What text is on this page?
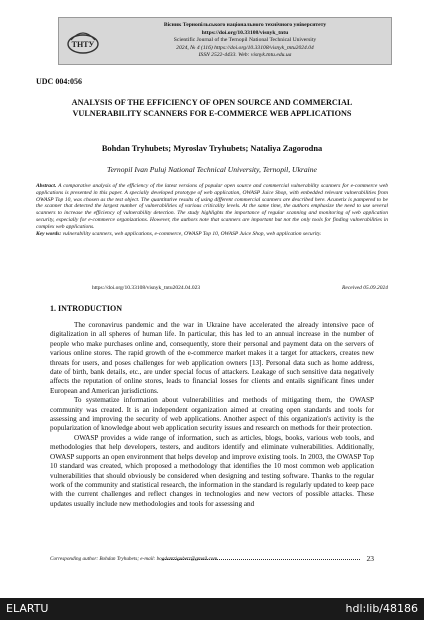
ТНТУ
Вісник Тернопільського національного технічного університету
https://doi.org/10.33108/visnyk_tntu
Scientific Journal of the Ternopil National Technical University
2024, № 4 (116) https://doi.org/10.33108/visnyk_tntu2024.04
ISSN 2522-4433. Web: visnyk.tntu.edu.ua
UDC 004:056
ANALYSIS OF THE EFFICIENCY OF OPEN SOURCE AND COMMERCIAL VULNERABILITY SCANNERS FOR E-COMMERCE WEB APPLICATIONS
Bohdan Tryhubets; Myroslav Tryhubets; Nataliya Zagorodna
Ternopil Ivan Puluj National Technical University, Ternopil, Ukraine
Abstract. A comparative analysis of the efficiency of the latest versions of popular open source and commercial vulnerability scanners for e-commerce web applications is presented in this paper. A specially developed prototype of web application, OWASP Juice Shop, with embedded relevant vulnerabilities from OWASP Top 10, was chosen as the test object. The quantitative results of using different commercial scanners are described here. Acunetix is pampered to be the scanner that detected the largest number of vulnerabilities of various criticality levels. At the same time, the authors emphasize the need to use several scanners to increase the efficiency of vulnerability detection. The study highlights the importance of regular scanning and monitoring of web application security, especially for e-commerce organizations. However, the authors note that scanners are important but not the only tools for finding vulnerabilities in complex web applications.
Key words: vulnerability scanners, web applications, e-commerce, OWASP Top 10, OWASP Juice Shop, web application security.
https://doi.org/10.33108/visnyk_tntu2024.04.023	Received 05.09.2024
1. INTRODUCTION

The coronavirus pandemic and the war in Ukraine have accelerated the already intensive pace of digitalization in all spheres of human life. In particular, this has led to an annual increase in the number of people who make purchases online and, consequently, store their personal and payment data on the servers of various online stores. The rapid growth of the e-commerce market makes it a target for attackers, creates new threats for users, and poses challenges for web application owners [13]. Personal data such as home address, date of birth, bank details, etc., are under special focus of attackers. Leakage of such sensitive data negatively affects the reputation of online stores, leads to financial losses for clients and entails significant fines under European and American jurisdictions.

To systematize information about vulnerabilities and methods of mitigating them, the OWASP community was created. It is an independent organization aimed at creating open standards and tools for assessing and improving the security of web applications. Another aspect of this organization's activity is the popularization of knowledge about web application security issues and research on methods for their protection.

OWASP provides a wide range of information, such as articles, blogs, books, various web tools, and methodologies that help developers, testers, and auditors identify and eliminate vulnerabilities. Additionally, OWASP supports an open environment that helps develop and improve existing tools. In 2003, the OWASP Top 10 standard was created, which proposed a methodology that identifies the 10 most common web application vulnerabilities that should obviously be considered when designing and testing software. Thanks to the regular work of the community and statistical research, the information in the standard is regularly updated to keep pace with the current challenges and reflect changes in technologies and new vectors of possible attacks. These updates usually include new methodologies and tools for assessing and

Corresponding author: Bohdan Tryhubets; e-mail: bogdantrigubetz@gmail.com	23
ELARTU	hdl:lib/48186
